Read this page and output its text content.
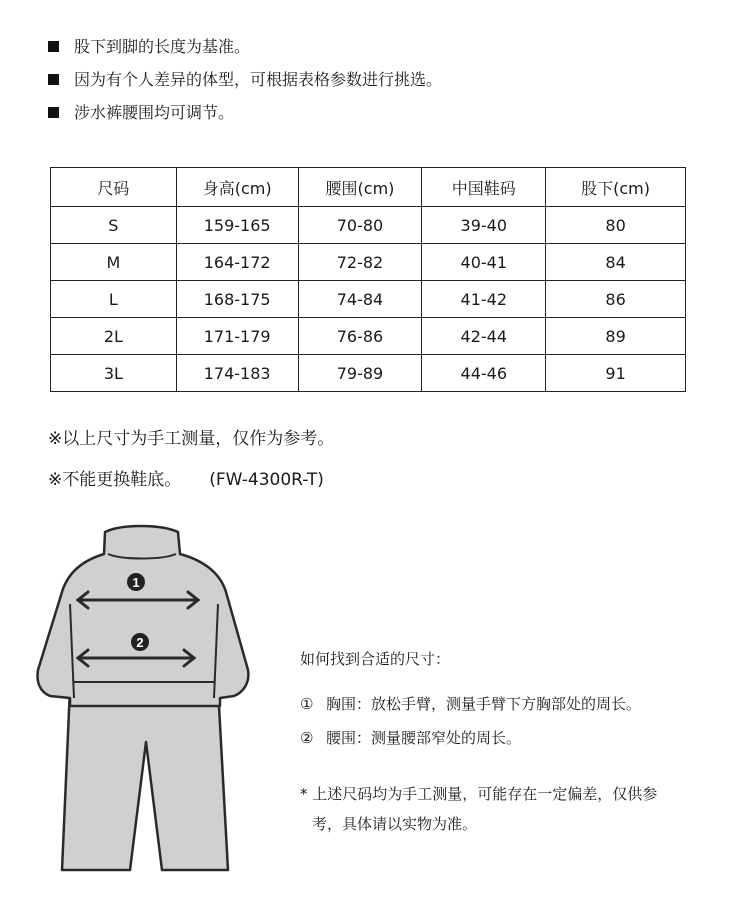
股下到脚的长度为基准。
因为有个人差异的体型，可根据表格参数进行挑选。
涉水裤腰围均可调节。
尺码	身高(cm)	腰围(cm)	中国鞋码	股下(cm)
S	159-165	70-80	39-40	80
M	164-172	72-82	40-41	84
L	168-175	74-84	41-42	86
2L	171-179	76-86	42-44	89
3L	174-183	79-89	44-46	91
※以上尺寸为手工测量，仅作为参考。
※不能更换鞋底。 (FW-4300R-T)
1
2
如何找到合适的尺寸：
① 胸围：放松手臂，测量手臂下方胸部处的周长。
② 腰围：测量腰部窄处的周长。
* 上述尺码均为手工测量，可能存在一定偏差，仅供参
考，具体请以实物为准。
